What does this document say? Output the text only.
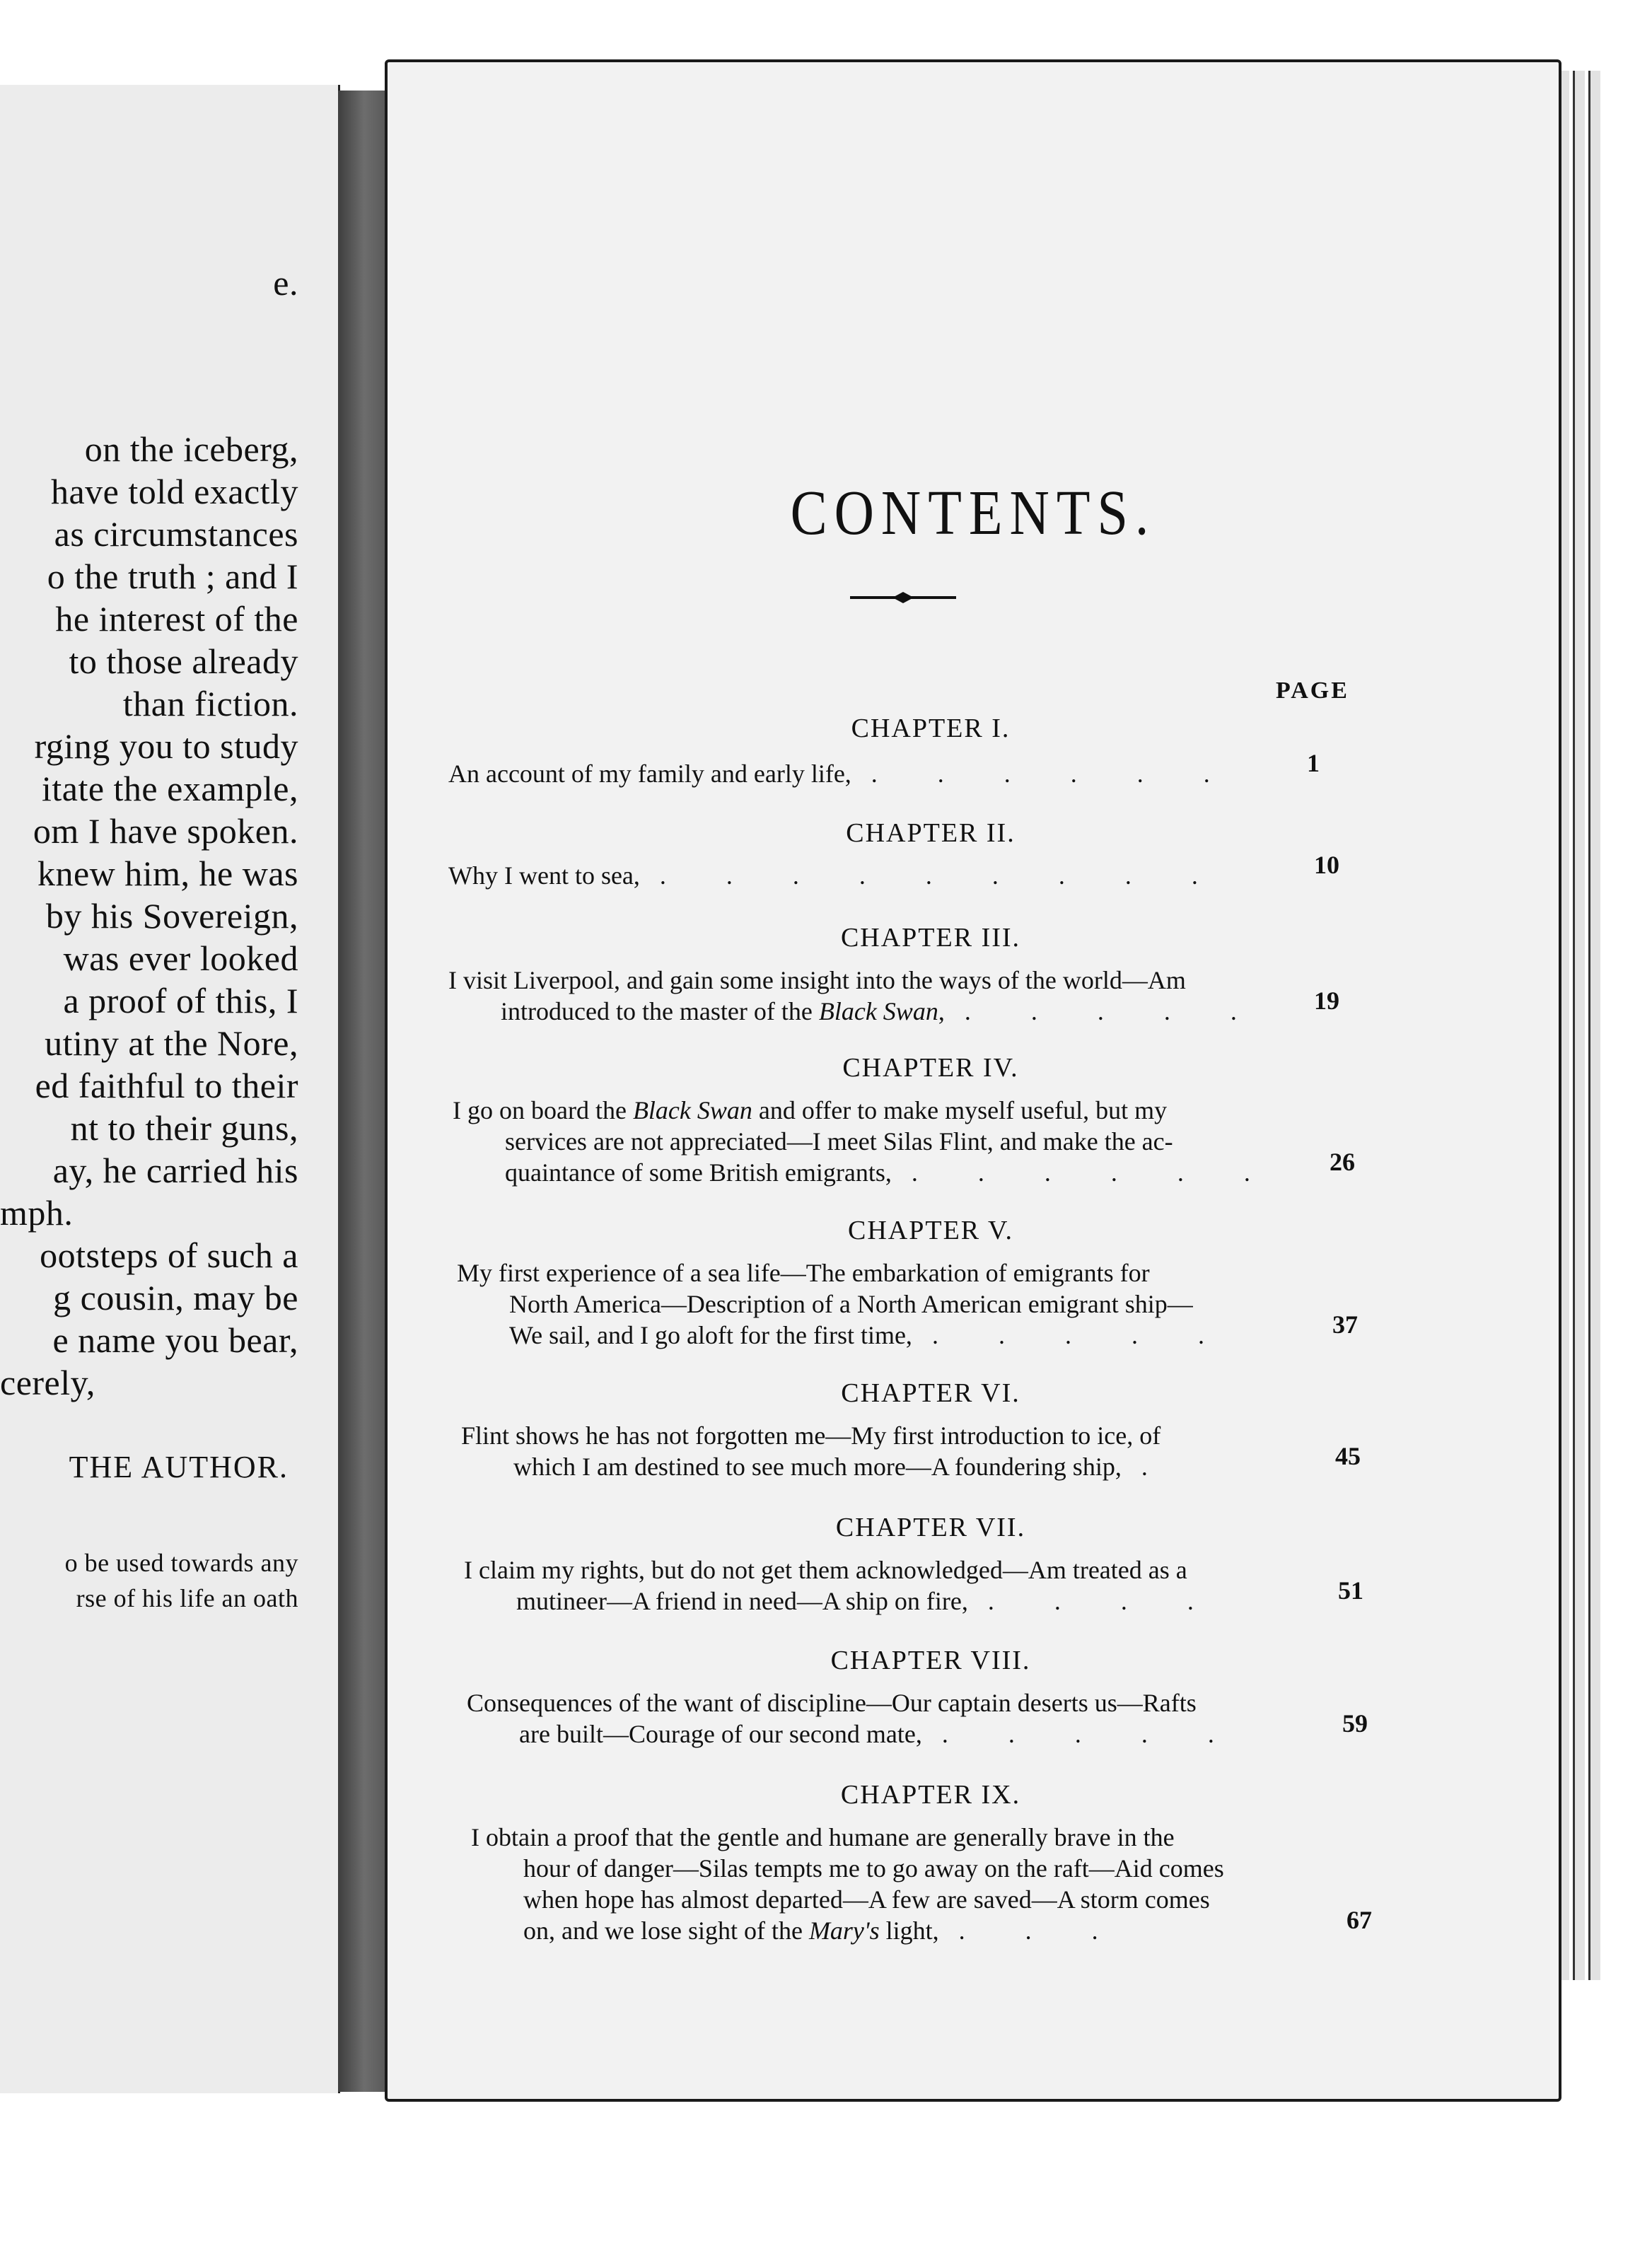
e.
on the iceberg,
have told exactly
as circumstances
o the truth ; and I
he interest of the
to those already
than fiction.
rging you to study
itate the example,
om I have spoken.
knew him, he was
by his Sovereign,
was ever looked
a proof of this, I
utiny at the Nore,
ed faithful to their
nt to their guns,
ay, he carried his
mph.
ootsteps of such a
g cousin, may be
e name you bear,
cerely,
THE AUTHOR.
o be used towards any
rse of his life an oath
CONTENTS.
PAGE
CHAPTER I.
An account of my family and early life, . . . . . .	1
CHAPTER II.
Why I went to sea, . . . . . . . . .	10
CHAPTER III.
I visit Liverpool, and gain some insight into the ways of the world—Am
introduced to the master of the Black Swan, . . . . . 19
CHAPTER IV.
I go on board the Black Swan and offer to make myself useful, but my
services are not appreciated—I meet Silas Flint, and make the ac-
quaintance of some British emigrants, . . . . . . 26
CHAPTER V.
My first experience of a sea life—The embarkation of emigrants for
North America—Description of a North American emigrant ship—
We sail, and I go aloft for the first time, . . . . .	37
CHAPTER VI.
Flint shows he has not forgotten me—My first introduction to ice, of
which I am destined to see much more—A foundering ship, .	45
CHAPTER VII.
I claim my rights, but do not get them acknowledged—Am treated as a
mutineer—A friend in need—A ship on fire, . . . .	51
CHAPTER VIII.
Consequences of the want of discipline—Our captain deserts us—Rafts
are built—Courage of our second mate, . . . . .	59
CHAPTER IX.
I obtain a proof that the gentle and humane are generally brave in the
hour of danger—Silas tempts me to go away on the raft—Aid comes
when hope has almost departed—A few are saved—A storm comes
on, and we lose sight of the Mary's light, . . .	67
